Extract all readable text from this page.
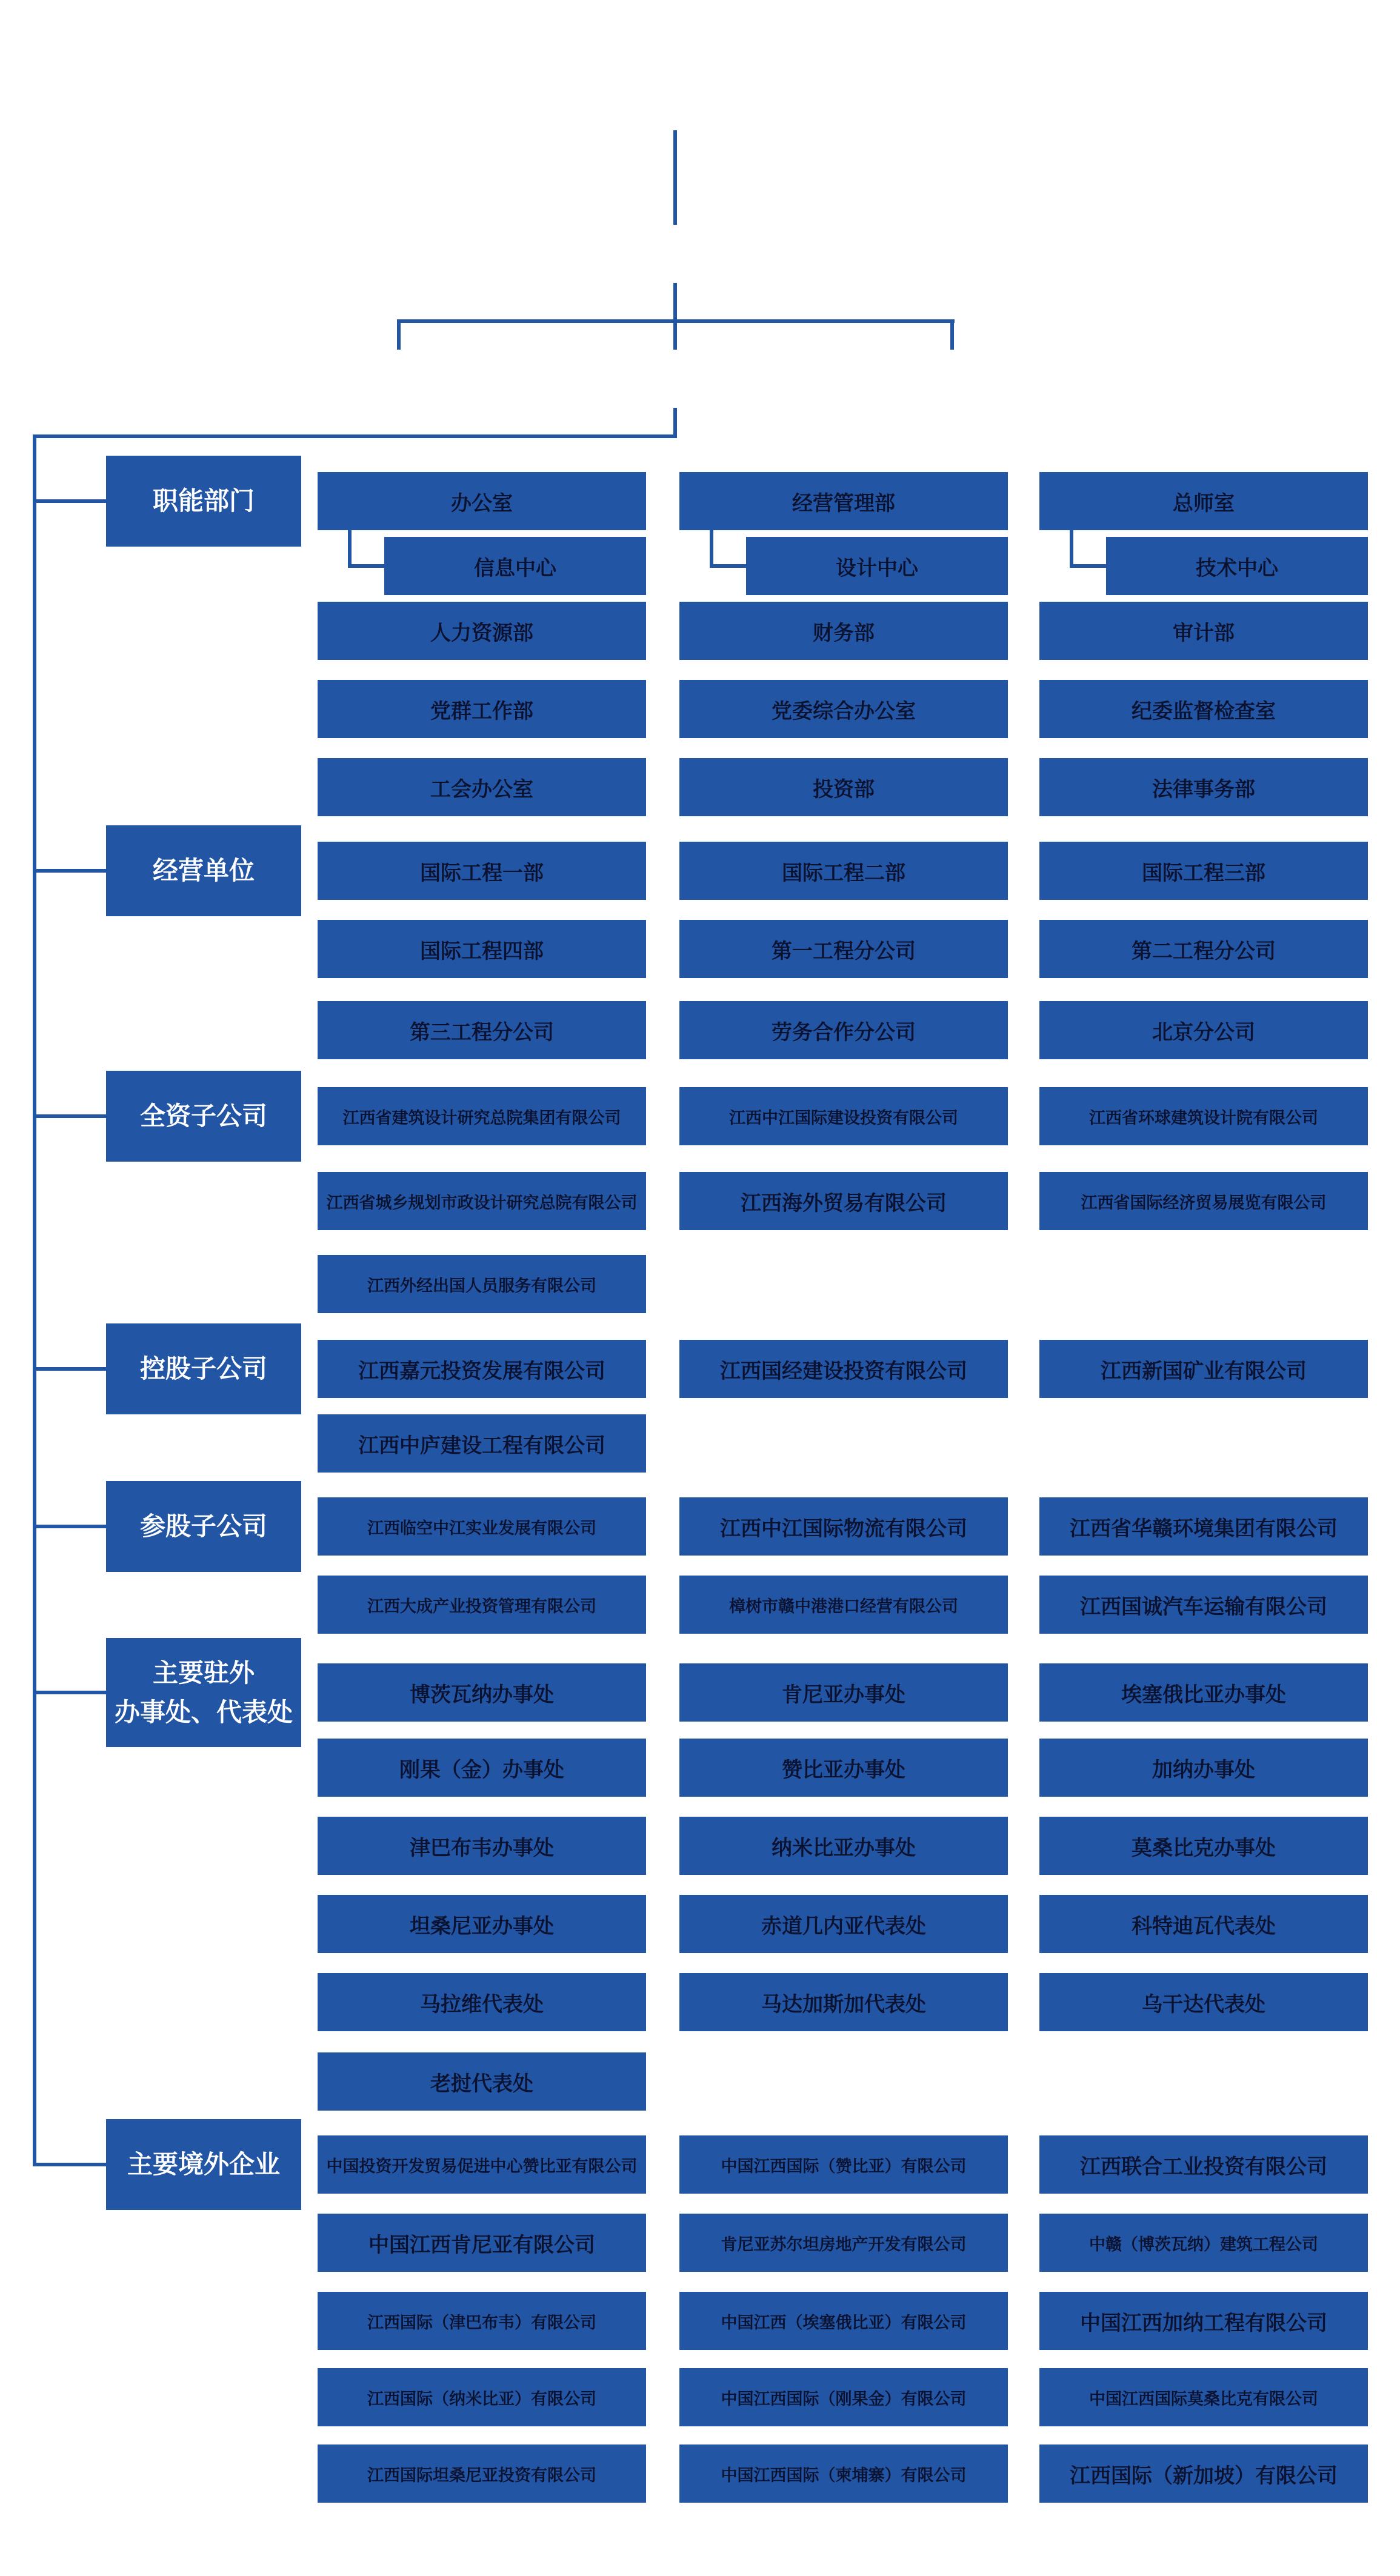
董事长
总经理
法务总监	副总经理	财务总监
职能部门	办公室
信息中心
人力资源部
党群工作部
工会办公室
经营管理部
设计中心
财务部
党委综合办公室
投资部
总师室
技术中心
审计部
纪委监督检查室
法律事务部
经营单位	国际工程一部
国际工程四部
第三工程分公司
国际工程二部
第一工程分公司
劳务合作分公司
国际工程三部
第二工程分公司
北京分公司
全资子公司	江西省建筑设计研究总院集团有限公司
江西省城乡规划市政设计研究总院有限公司
江西外经出国人员服务有限公司
江西中江国际建设投资有限公司
江西海外贸易有限公司
江西省环球建筑设计院有限公司
江西省国际经济贸易展览有限公司
控股子公司	江西嘉元投资发展有限公司
江西中庐建设工程有限公司
江西国经建设投资有限公司	江西新国矿业有限公司
参股子公司	江西临空中江实业发展有限公司
江西大成产业投资管理有限公司
江西中江国际物流有限公司
樟树市赣中港港口经营有限公司
江西省华赣环境集团有限公司
江西国诚汽车运输有限公司
主要驻外
办事处、代表处
博茨瓦纳办事处
刚果（金）办事处
津巴布韦办事处
坦桑尼亚办事处
马拉维代表处
老挝代表处
肯尼亚办事处
赞比亚办事处
纳米比亚办事处
赤道几内亚代表处
马达加斯加代表处
埃塞俄比亚办事处
加纳办事处
莫桑比克办事处
科特迪瓦代表处
乌干达代表处
主要境外企业	中国投资开发贸易促进中心赞比亚有限公司
中国江西肯尼亚有限公司
江西国际（津巴布韦）有限公司
江西国际（纳米比亚）有限公司
江西国际坦桑尼亚投资有限公司
中国江西国际（赞比亚）有限公司
肯尼亚苏尔坦房地产开发有限公司
中国江西（埃塞俄比亚）有限公司
中国江西国际（刚果金）有限公司
中国江西国际（柬埔寨）有限公司
江西联合工业投资有限公司
中赣（博茨瓦纳）建筑工程公司
中国江西加纳工程有限公司
中国江西国际莫桑比克有限公司
江西国际（新加坡）有限公司
